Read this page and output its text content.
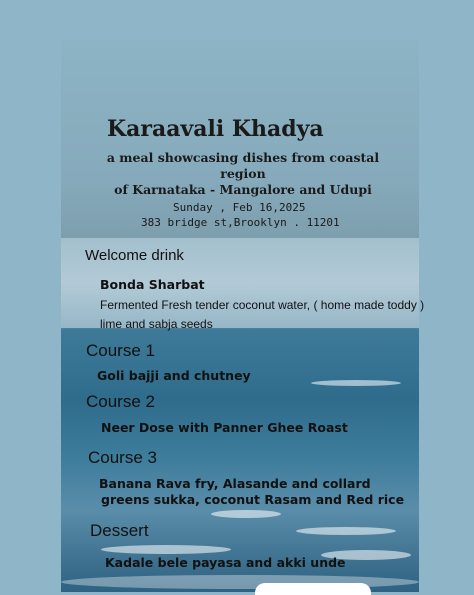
Karaavali Khadya
a meal showcasing dishes from coastal region
of Karnataka - Mangalore and Udupi
Sunday , Feb 16,2025
383 bridge st,Brooklyn . 11201
Welcome drink
Bonda Sharbat
Fermented Fresh tender coconut water, ( home made toddy )
lime and sabja seeds
Course 1
Goli bajji and chutney
Course 2
Neer Dose with Panner Ghee Roast
Course 3
Banana Rava fry, Alasande and collard
greens sukka, coconut Rasam and Red rice
Dessert
Kadale bele payasa and akki unde
